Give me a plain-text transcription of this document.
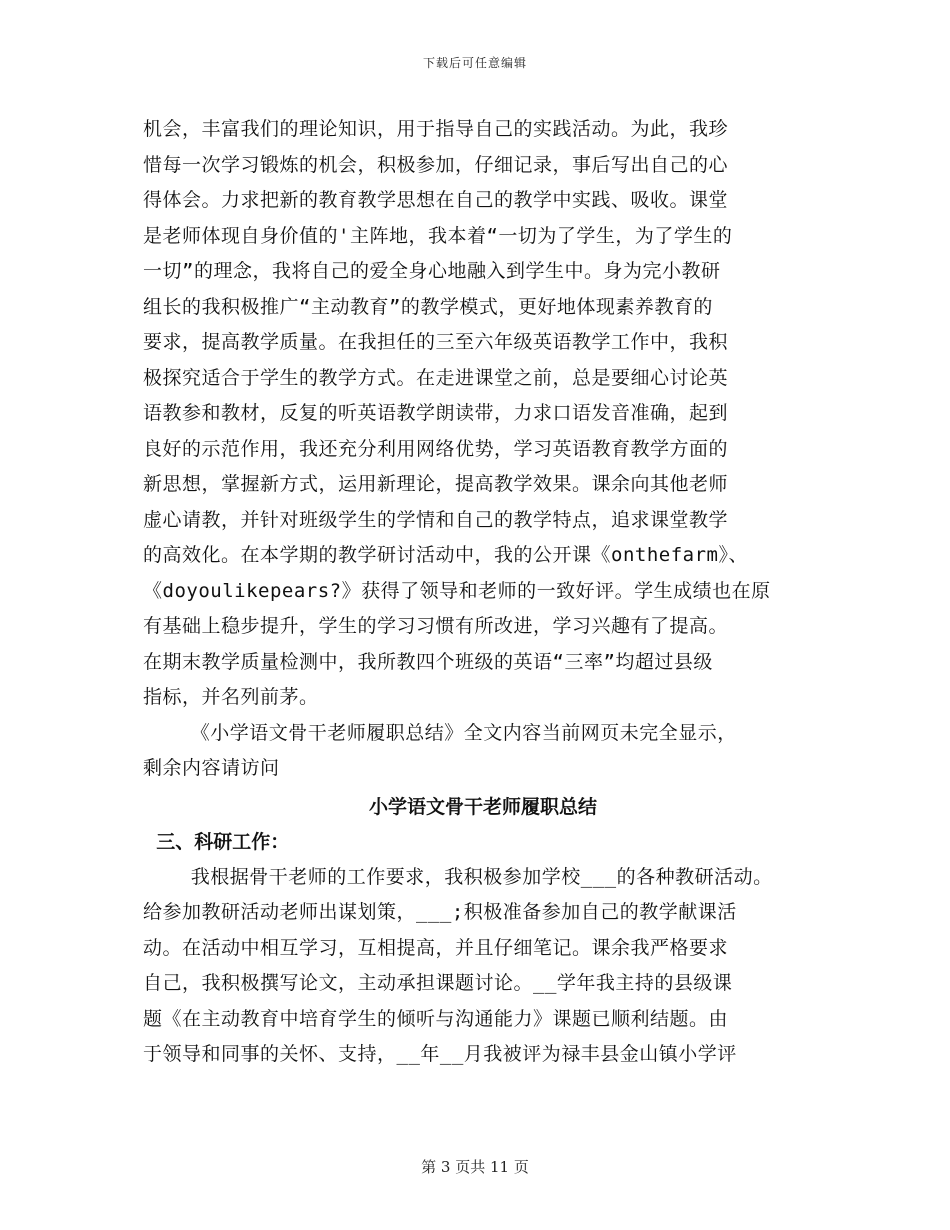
下载后可任意编辑
机会，丰富我们的理论知识，用于指导自己的实践活动。为此，我珍
惜每一次学习锻炼的机会，积极参加，仔细记录，事后写出自己的心
得体会。力求把新的教育教学思想在自己的教学中实践、吸收。课堂
是老师体现自身价值的'主阵地，我本着“一切为了学生，为了学生的
一切”的理念，我将自己的爱全身心地融入到学生中。身为完小教研
组长的我积极推广“主动教育”的教学模式，更好地体现素养教育的
要求，提高教学质量。在我担任的三至六年级英语教学工作中，我积
极探究适合于学生的教学方式。在走进课堂之前，总是要细心讨论英
语教参和教材，反复的听英语教学朗读带，力求口语发音准确，起到
良好的示范作用，我还充分利用网络优势，学习英语教育教学方面的
新思想，掌握新方式，运用新理论，提高教学效果。课余向其他老师
虚心请教，并针对班级学生的学情和自己的教学特点，追求课堂教学
的高效化。在本学期的教学研讨活动中，我的公开课《onthefarm》、
《doyoulikepears?》获得了领导和老师的一致好评。学生成绩也在原
有基础上稳步提升，学生的学习习惯有所改进，学习兴趣有了提高。
在期末教学质量检测中，我所教四个班级的英语“三率”均超过县级
指标，并名列前茅。
《小学语文骨干老师履职总结》全文内容当前网页未完全显示，
剩余内容请访问
小学语文骨干老师履职总结
三、科研工作：
我根据骨干老师的工作要求，我积极参加学校___的各种教研活动。
给参加教研活动老师出谋划策，___;积极准备参加自己的教学献课活
动。在活动中相互学习，互相提高，并且仔细笔记。课余我严格要求
自己，我积极撰写论文，主动承担课题讨论。__学年我主持的县级课
题《在主动教育中培育学生的倾听与沟通能力》课题已顺利结题。由
于领导和同事的关怀、支持，__年__月我被评为禄丰县金山镇小学评
第 3 页共 11 页
